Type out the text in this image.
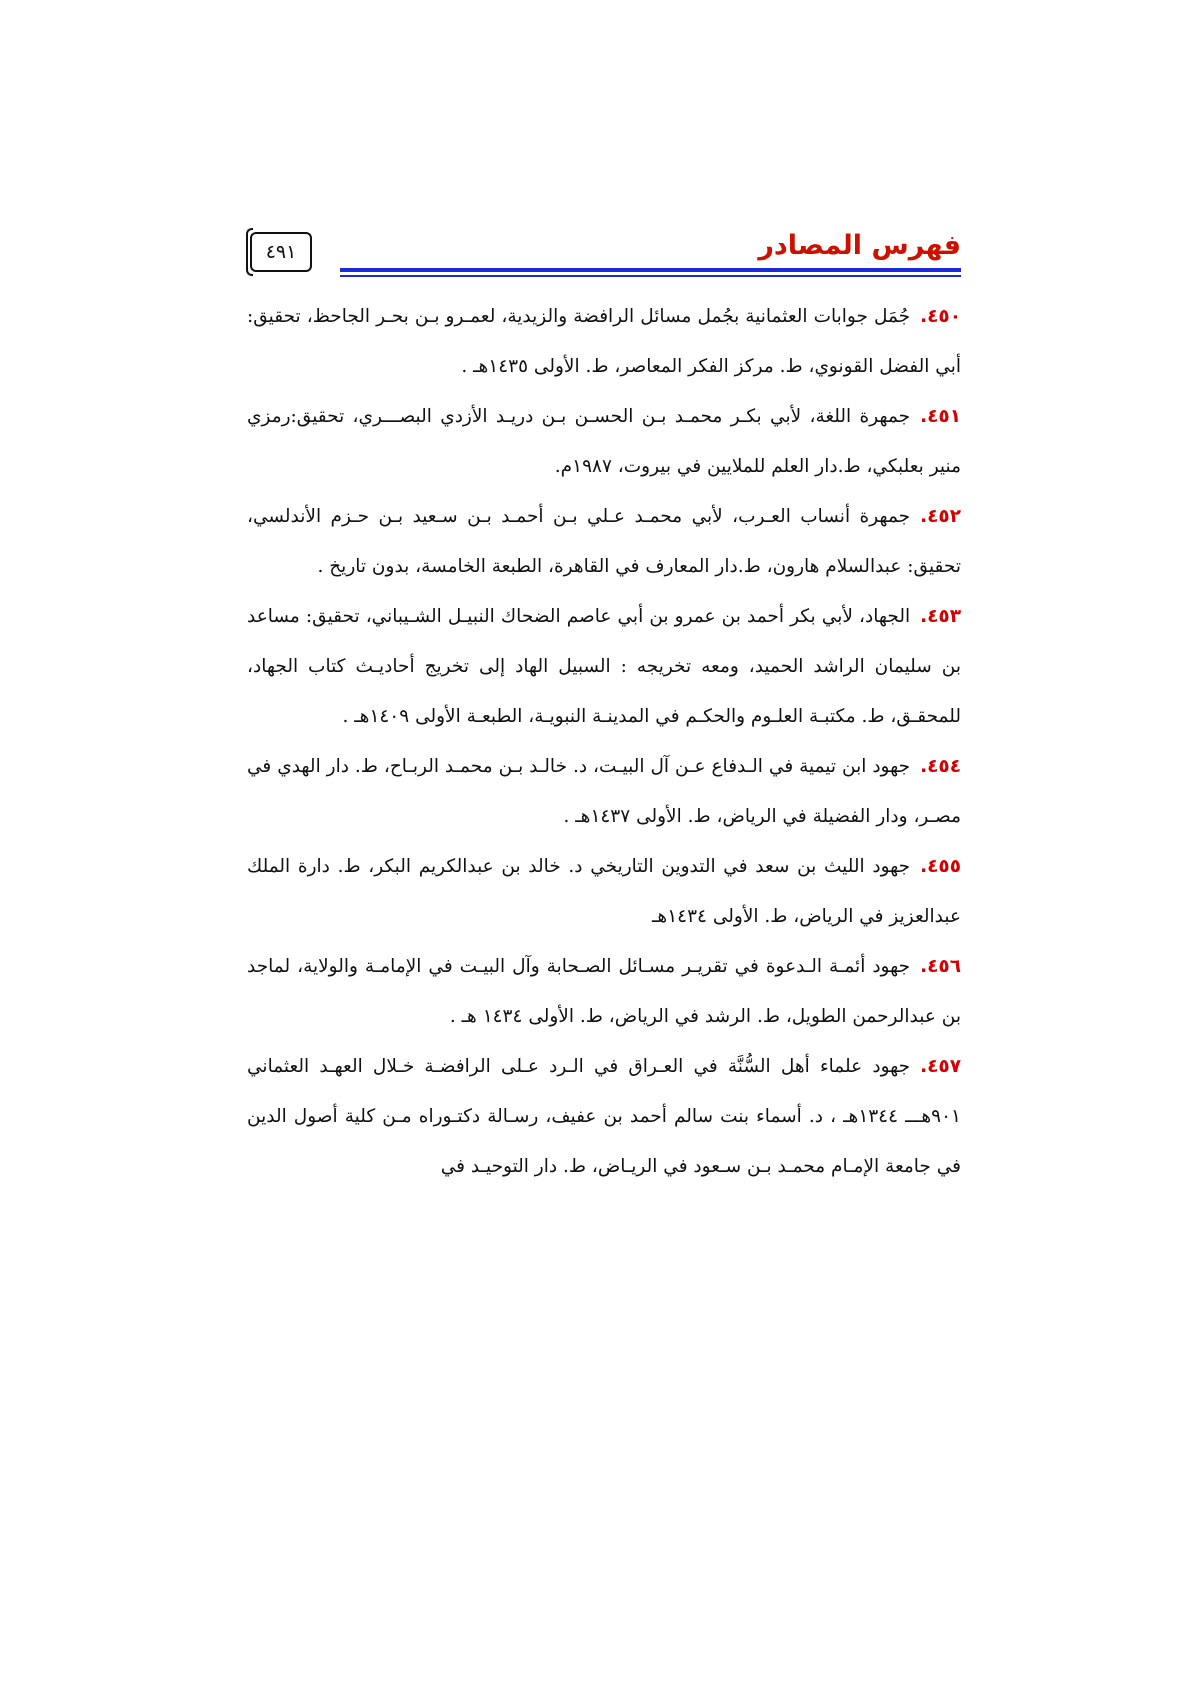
فهرس المصادر
٤٩١

٤٥٠.جُمَل جوابات العثمانية بجُمل مسائل الرافضة والزيدية، لعمـرو بـن بحـر الجاحظ، تحقيق: أبي الفضل القونوي، ط. مركز الفكر المعاصر، ط. الأولى ١٤٣٥هـ .

٤٥١.جمهرة اللغة، لأبي بكـر محمـد بـن الحسـن بـن دريـد الأزدي البصـــري، تحقيق:رمزي منير بعلبكي، ط.دار العلم للملايين في بيروت، ١٩٨٧م.

٤٥٢.جمهرة أنساب العـرب، لأبي محمـد عـلي بـن أحمـد بـن سـعيد بـن حـزم الأندلسي، تحقيق: عبدالسلام هارون، ط.دار المعارف في القاهرة، الطبعة الخامسة، بدون تاريخ .

٤٥٣.الجهاد، لأبي بكر أحمد بن عمرو بن أبي عاصم الضحاك النبيـل الشـيباني، تحقيق: مساعد بن سليمان الراشد الحميد، ومعه تخريجه : السبيل الهاد إلى تخريج أحاديـث كتاب الجهاد، للمحقـق، ط. مكتبـة العلـوم والحكـم في المدينـة النبويـة، الطبعـة الأولى ١٤٠٩هـ .

٤٥٤.جهود ابن تيمية في الـدفاع عـن آل البيـت، د. خالـد بـن محمـد الربـاح، ط. دار الهدي في مصـر، ودار الفضيلة في الرياض، ط. الأولى ١٤٣٧هـ .

٤٥٥.جهود الليث بن سعد في التدوين التاريخي د. خالد بن عبدالكريم البكر، ط. دارة الملك عبدالعزيز في الرياض، ط. الأولى ١٤٣٤هـ

٤٥٦.جهود أئمـة الـدعوة في تقريـر مسـائل الصـحابة وآل البيـت في الإمامـة والولاية، لماجد بن عبدالرحمن الطويل، ط. الرشد في الرياض، ط. الأولى ١٤٣٤ هـ .

٤٥٧.جهود علماء أهل السُّنَّة في العـراق في الـرد عـلى الرافضـة خـلال العهـد العثماني ٩٠١هـــ ١٣٤٤هـ ، د. أسماء بنت سالم أحمد بن عفيف، رسـالة دكتـوراه مـن كلية أصول الدين في جامعة الإمـام محمـد بـن سـعود في الريـاض، ط. دار التوحيـد في
